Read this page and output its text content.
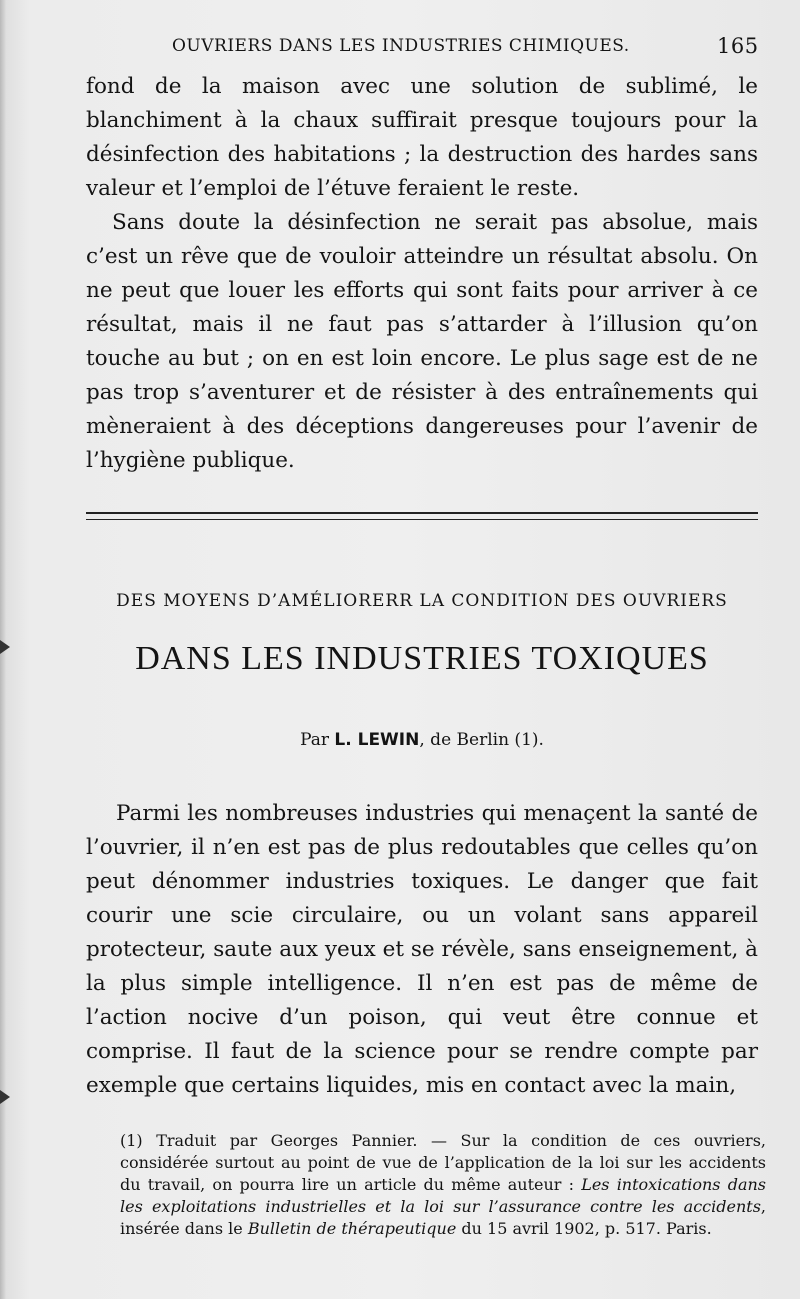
OUVRIERS DANS LES INDUSTRIES CHIMIQUES.	165

fond de la maison avec une solution de sublimé, le blanchiment à la chaux suffirait presque toujours pour la désinfection des habitations ; la destruction des hardes sans valeur et l’emploi de l’étuve feraient le reste.

Sans doute la désinfection ne serait pas absolue, mais c’est un rêve que de vouloir atteindre un résultat absolu. On ne peut que louer les efforts qui sont faits pour arriver à ce résultat, mais il ne faut pas s’attarder à l’illusion qu’on touche au but ; on en est loin encore. Le plus sage est de ne pas trop s’aventurer et de résister à des entraînements qui mèneraient à des déceptions dangereuses pour l’avenir de l’hygiène publique.

DES MOYENS D’AMÉLIORERR LA CONDITION DES OUVRIERS
DANS LES INDUSTRIES TOXIQUES
Par L. LEWIN, de Berlin (1).

Parmi les nombreuses industries qui menaçent la santé de l’ouvrier, il n’en est pas de plus redoutables que celles qu’on peut dénommer industries toxiques. Le danger que fait courir une scie circulaire, ou un volant sans appareil protecteur, saute aux yeux et se révèle, sans enseignement, à la plus simple intelligence. Il n’en est pas de même de l’action nocive d’un poison, qui veut être connue et comprise. Il faut de la science pour se rendre compte par exemple que certains liquides, mis en contact avec la main,

(1) Traduit par Georges Pannier. — Sur la condition de ces ouvriers, considérée surtout au point de vue de l’application de la loi sur les accidents du travail, on pourra lire un article du même auteur : Les intoxications dans les exploitations industrielles et la loi sur l’assurance contre les accidents, insérée dans le Bulletin de thérapeutique du 15 avril 1902, p. 517. Paris.
